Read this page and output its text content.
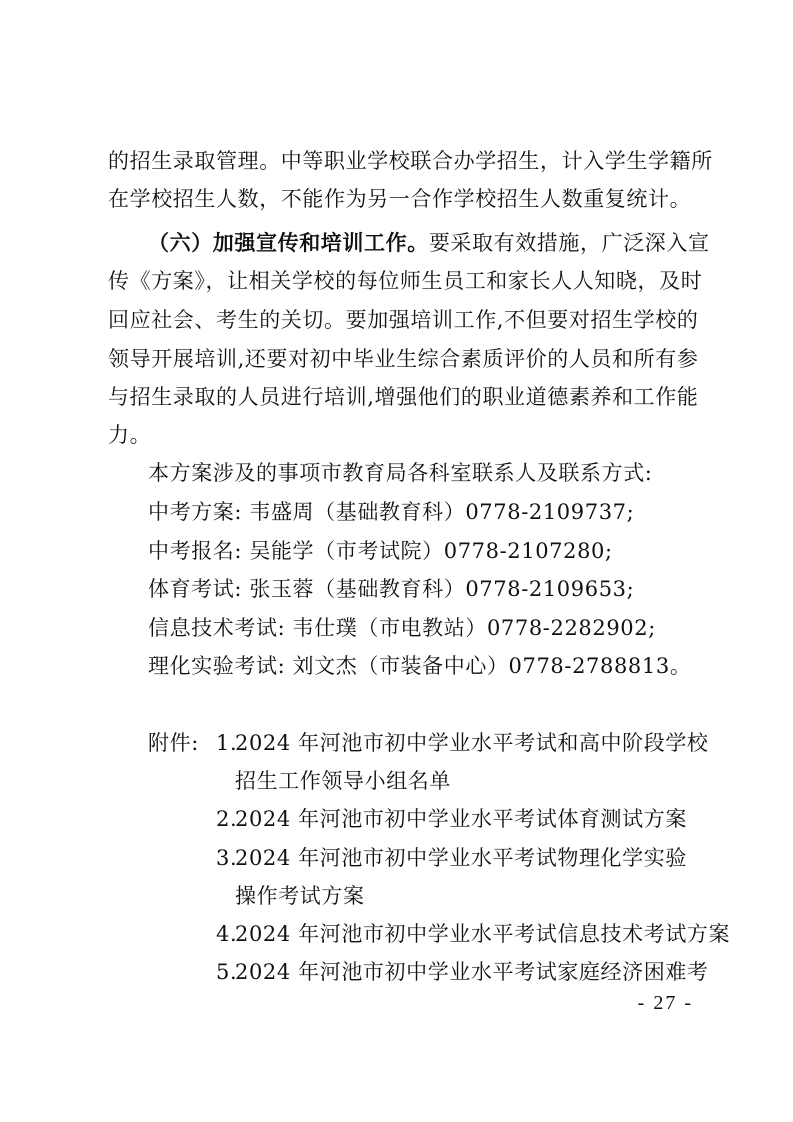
的招生录取管理。中等职业学校联合办学招生，计入学生学籍所
在学校招生人数，不能作为另一合作学校招生人数重复统计。
（六）加强宣传和培训工作。要采取有效措施，广泛深入宣
传《方案》，让相关学校的每位师生员工和家长人人知晓，及时
回应社会、考生的关切。要加强培训工作,不但要对招生学校的
领导开展培训,还要对初中毕业生综合素质评价的人员和所有参
与招生录取的人员进行培训,增强他们的职业道德素养和工作能
力。
本方案涉及的事项市教育局各科室联系人及联系方式:
中考方案: 韦盛周（基础教育科）0778-2109737;
中考报名: 吴能学（市考试院）0778-2107280;
体育考试: 张玉蓉（基础教育科）0778-2109653;
信息技术考试: 韦仕璞（市电教站）0778-2282902;
理化实验考试: 刘文杰（市装备中心）0778-2788813。
附件: 1.
2024 年河池市初中学业水平考试和高中阶段学校
招生工作领导小组名单
2.
2024 年河池市初中学业水平考试体育测试方案
3.
2024 年河池市初中学业水平考试物理化学实验
操作考试方案
4.
2024 年河池市初中学业水平考试信息技术考试方案
5.
2024 年河池市初中学业水平考试家庭经济困难考
- 27 -
